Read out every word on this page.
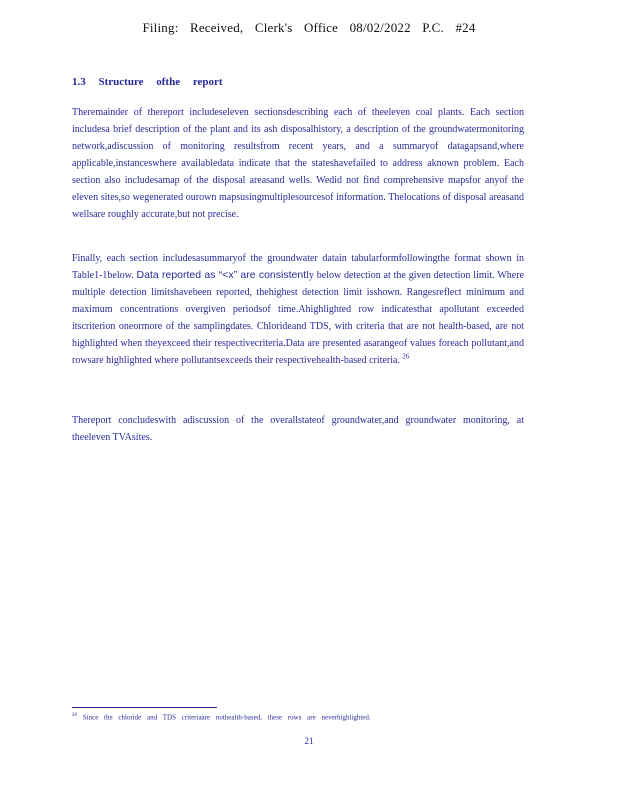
Filing: Received, Clerk's Office 08/02/2022 P.C. #24
1.3 Structure ofthe report

Theremainder of thereport includeseleven sectionsdescribing each of theeleven coal plants. Each section includesa brief description of the plant and its ash disposalhistory, a description of the groundwatermonitoring network,adiscussion of monitoring resultsfrom recent years, and a summaryof datagapsand,where applicable,instanceswhere availabledata indicate that the stateshavefailed to address aknown problem. Each section also includesamap of the disposal areasand wells. Wedid not find comprehensive mapsfor anyof the eleven sites,so wegenerated ourown mapsusingmultiplesourcesof information. Thelocations of disposal areasand wellsare roughly accurate,but not precise.

Finally, each section includesasummaryof the groundwater datain tabularformfollowingthe format shown in Table1-1below. Data reported as “<x” are consistently below detection at the given detection limit. Where multiple detection limitshavebeen reported, thehighest detection limit isshown. Rangesreflect minimum and maximum concentrations overgiven periodsof time.Ahighlighted row indicatesthat apollutant exceeded itscriterion oneormore of the samplingdates. Chlorideand TDS, with criteria that are not health-based, are not highlighted when theyexceed their respectivecriteria.Data are presented asarangeof values foreach pollutant,and rowsare highlighted where pollutantsexceeds their respectivehealth-based criteria. $^{26}$

Thereport concludeswith adiscussion of the overallstateof groundwater,and groundwater monitoring, at theeleven TVAsites.

$^{26}$ Since the chloride and TDS criteriaare nothealth-based, these rows are neverhighlighted.
21
